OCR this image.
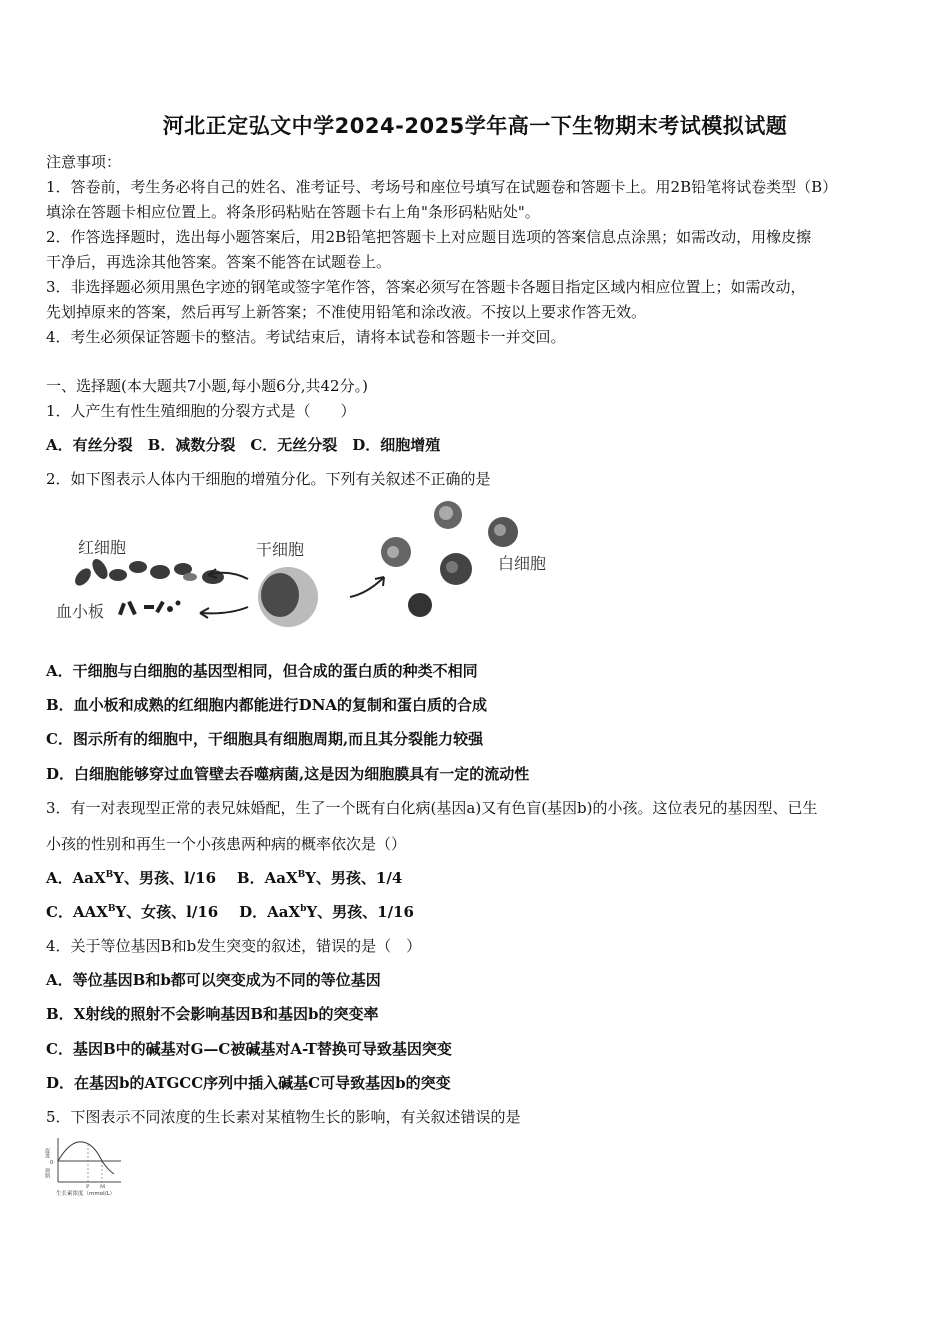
河北正定弘文中学2024-2025学年高一下生物期末考试模拟试题
注意事项：
1．答卷前，考生务必将自己的姓名、准考证号、考场号和座位号填写在试题卷和答题卡上。用2B铅笔将试卷类型（B）
填涂在答题卡相应位置上。将条形码粘贴在答题卡右上角"条形码粘贴处"。
2．作答选择题时，选出每小题答案后，用2B铅笔把答题卡上对应题目选项的答案信息点涂黑；如需改动，用橡皮擦
干净后，再选涂其他答案。答案不能答在试题卷上。
3．非选择题必须用黑色字迹的钢笔或签字笔作答，答案必须写在答题卡各题目指定区域内相应位置上；如需改动，
先划掉原来的答案，然后再写上新答案；不准使用铅笔和涂改液。不按以上要求作答无效。
4．考生必须保证答题卡的整洁。考试结束后，请将本试卷和答题卡一并交回。
一、选择题(本大题共7小题,每小题6分,共42分。)
1．人产生有性生殖细胞的分裂方式是（　　）
A．有丝分裂　B．减数分裂　C．无丝分裂　D．细胞增殖
2．如下图表示人体内干细胞的增殖分化。下列有关叙述不正确的是
红细胞	干细胞
血小板
白细胞
A．干细胞与白细胞的基因型相同，但合成的蛋白质的种类不相同
B．血小板和成熟的红细胞内都能进行DNA的复制和蛋白质的合成
C．图示所有的细胞中，干细胞具有细胞周期,而且其分裂能力较强
D．白细胞能够穿过血管壁去吞噬病菌,这是因为细胞膜具有一定的流动性
3．有一对表现型正常的表兄妹婚配，生了一个既有白化病(基因a)又有色盲(基因b)的小孩。这位表兄的基因型、已生
小孩的性别和再生一个小孩患两种病的概率依次是（）
A．AaX$^B$Y、男孩、l/16 B．AaX$^B$Y、男孩、1/4
C．$AAX^BY$、女孩、l/16 D．AaX$^b$Y、男孩、1/16
4．关于等位基因B和b发生突变的叙述，错误的是（　）
A．等位基因B和b都可以突变成为不同的等位基因
B．X射线的照射不会影响基因B和基因b的突变率
C．基因B中的碱基对G—C被碱基对A-T替换可导致基因突变
D．在基因b的ATGCC序列中插入碱基C可导致基因b的突变
5．下图表示不同浓度的生长素对某植物生长的影响，有关叙述错误的是
促进
0
抑制
P M
生长素浓度（mmol/L）
